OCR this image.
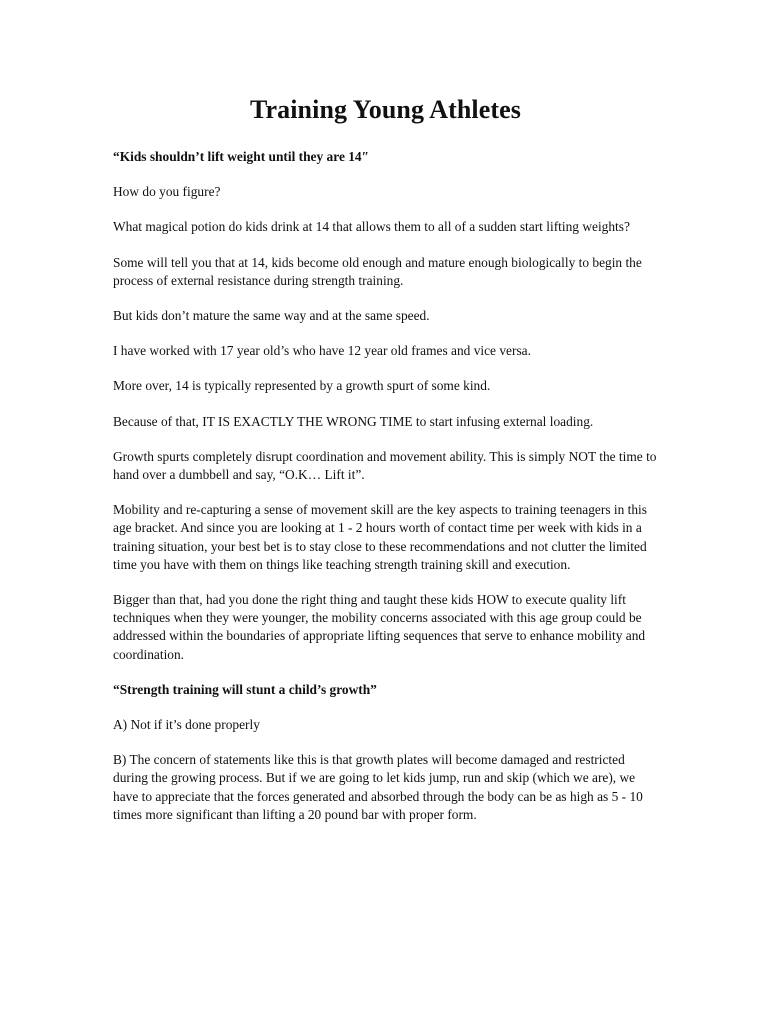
Training Young Athletes

“Kids shouldn’t lift weight until they are 14″

How do you figure?

What magical potion do kids drink at 14 that allows them to all of a sudden start lifting weights?

Some will tell you that at 14, kids become old enough and mature enough biologically to begin the process of external resistance during strength training.

But kids don’t mature the same way and at the same speed.

I have worked with 17 year old’s who have 12 year old frames and vice versa.

More over, 14 is typically represented by a growth spurt of some kind.

Because of that, IT IS EXACTLY THE WRONG TIME to start infusing external loading.

Growth spurts completely disrupt coordination and movement ability. This is simply NOT the time to hand over a dumbbell and say, “O.K… Lift it”.

Mobility and re-capturing a sense of movement skill are the key aspects to training teenagers in this age bracket. And since you are looking at 1 - 2 hours worth of contact time per week with kids in a training situation, your best bet is to stay close to these recommendations and not clutter the limited time you have with them on things like teaching strength training skill and execution.

Bigger than that, had you done the right thing and taught these kids HOW to execute quality lift techniques when they were younger, the mobility concerns associated with this age group could be addressed within the boundaries of appropriate lifting sequences that serve to enhance mobility and coordination.

“Strength training will stunt a child’s growth”

A) Not if it’s done properly

B) The concern of statements like this is that growth plates will become damaged and restricted during the growing process. But if we are going to let kids jump, run and skip (which we are), we have to appreciate that the forces generated and absorbed through the body can be as high as 5 - 10 times more significant than lifting a 20 pound bar with proper form.
